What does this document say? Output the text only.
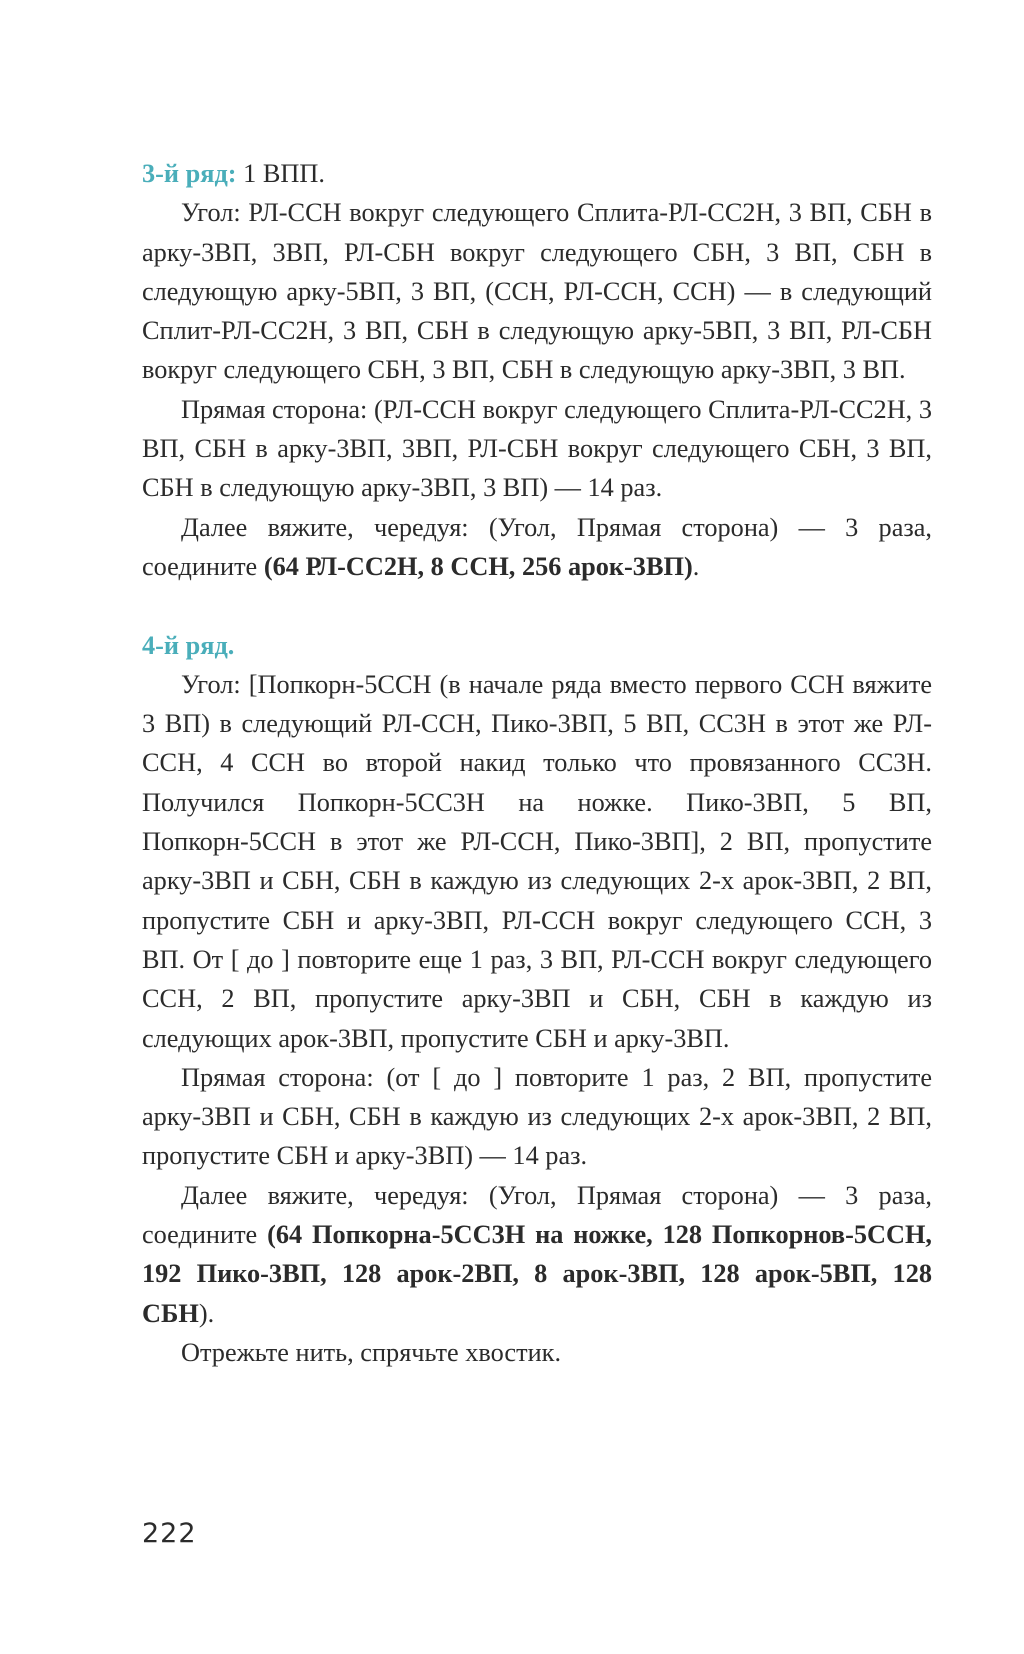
3-й ряд: 1 ВПП.

Угол: РЛ-ССН вокруг следующего Сплита-РЛ-СС2Н, 3 ВП, СБН в арку-3ВП, 3ВП, РЛ-СБН вокруг следующего СБН, 3 ВП, СБН в следующую арку-5ВП, 3 ВП, (ССН, РЛ-ССН, ССН) — в следующий Сплит-РЛ-СС2Н, 3 ВП, СБН в следующую арку-5ВП, 3 ВП, РЛ-СБН вокруг следующего СБН, 3 ВП, СБН в следующую арку-3ВП, 3 ВП.

Прямая сторона: (РЛ-ССН вокруг следующего Сплита-РЛ-СС2Н, 3 ВП, СБН в арку-3ВП, 3ВП, РЛ-СБН вокруг следующего СБН, 3 ВП, СБН в следующую арку-3ВП, 3 ВП) — 14 раз.

Далее вяжите, чередуя: (Угол, Прямая сторона) — 3 раза, соедините (64 РЛ-СС2Н, 8 ССН, 256 арок-3ВП).

4-й ряд.

Угол: [Попкорн-5ССН (в начале ряда вместо первого ССН вяжите 3 ВП) в следующий РЛ-ССН, Пико-3ВП, 5 ВП, СС3Н в этот же РЛ-ССН, 4 ССН во второй накид только что провязанного СС3Н. Получился Попкорн-5СС3Н на ножке. Пико-3ВП, 5 ВП, Попкорн-5ССН в этот же РЛ-ССН, Пико-3ВП], 2 ВП, пропустите арку-3ВП и СБН, СБН в каждую из следующих 2-х арок-3ВП, 2 ВП, пропустите СБН и арку-3ВП, РЛ-ССН вокруг следующего ССН, 3 ВП. От [ до ] повторите еще 1 раз, 3 ВП, РЛ-ССН вокруг следующего ССН, 2 ВП, пропустите арку-3ВП и СБН, СБН в каждую из следующих арок-3ВП, пропустите СБН и арку-3ВП.

Прямая сторона: (от [ до ] повторите 1 раз, 2 ВП, пропустите арку-3ВП и СБН, СБН в каждую из следующих 2-х арок-3ВП, 2 ВП, пропустите СБН и арку-3ВП) — 14 раз.

Далее вяжите, чередуя: (Угол, Прямая сторона) — 3 раза, соедините (64 Попкорна-5СС3Н на ножке, 128 Попкорнов-5ССН, 192 Пико-3ВП, 128 арок-2ВП, 8 арок-3ВП, 128 арок-5ВП, 128 СБН).

Отрежьте нить, спрячьте хвостик.

222
